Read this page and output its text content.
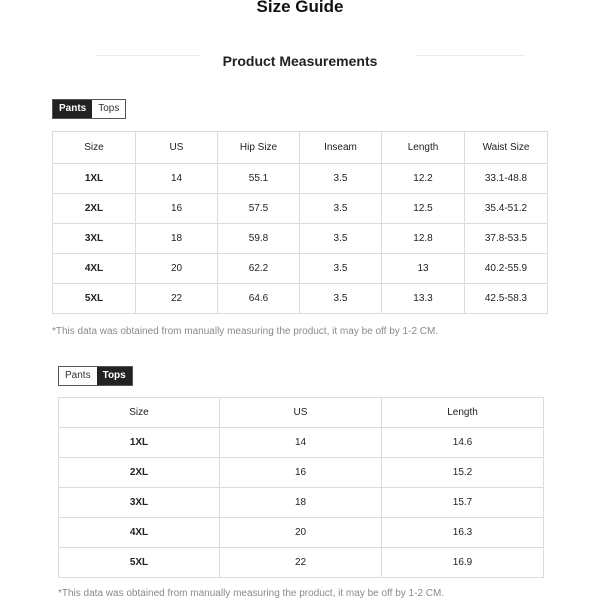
Size Guide
Product Measurements
Pants	Tops
Size	US	Hip Size	Inseam	Length	Waist Size
1XL	14	55.1	3.5	12.2	33.1-48.8
2XL	16	57.5	3.5	12.5	35.4-51.2
3XL	18	59.8	3.5	12.8	37.8-53.5
4XL	20	62.2	3.5	13	40.2-55.9
5XL	22	64.6	3.5	13.3	42.5-58.3

*This data was obtained from manually measuring the product, it may be off by 1-2 CM.

Pants	Tops
Size	US	Length
1XL	14	14.6
2XL	16	15.2
3XL	18	15.7
4XL	20	16.3
5XL	22	16.9

*This data was obtained from manually measuring the product, it may be off by 1-2 CM.
